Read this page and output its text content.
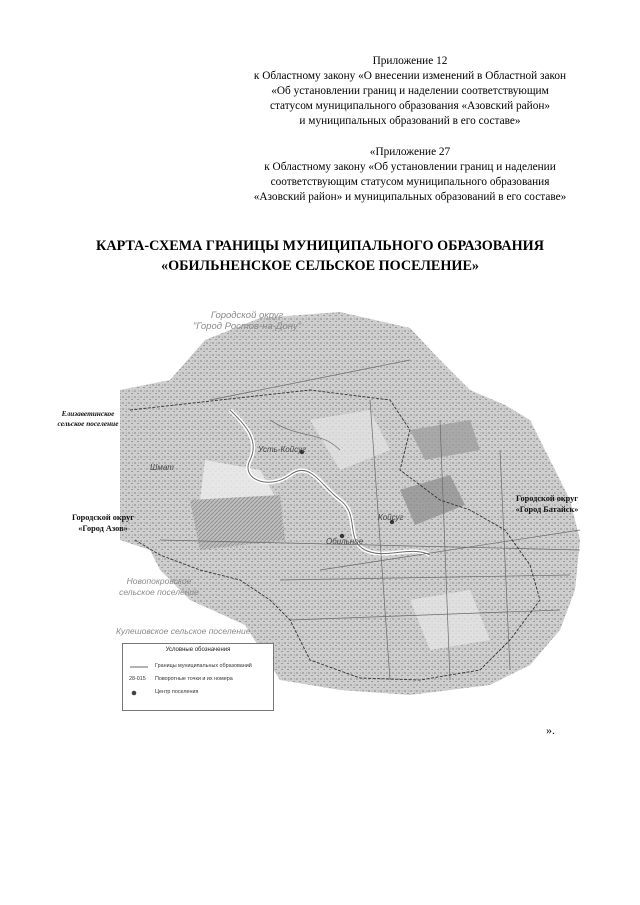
Приложение 12
к Областному закону «О внесении изменений в Областной закон
«Об установлении границ и наделении соответствующим
статусом муниципального образования «Азовский район»
и муниципальных образований в его составе»
«Приложение 27
к Областному закону «Об установлении границ и наделении
соответствующим статусом муниципального образования
«Азовский район» и муниципальных образований в его составе»
КАРТА-СХЕМА ГРАНИЦЫ МУНИЦИПАЛЬНОГО ОБРАЗОВАНИЯ
«ОБИЛЬНЕНСКОЕ СЕЛЬСКОЕ ПОСЕЛЕНИЕ»
Городской округ
"Город Ростов-на-Дону"
Усть-Койсуг
Шмат
Обильное
Койсуг
Новопокровское
сельское поселение
Кулешовское сельское поселение
Елизаветинское
сельское поселение
Городской округ
«Город Азов»
Городской округ
«Город Батайск»
Условные обозначения
Границы муниципальных образований
28-015 Поворотные точки и их номера
Центр поселения
».
